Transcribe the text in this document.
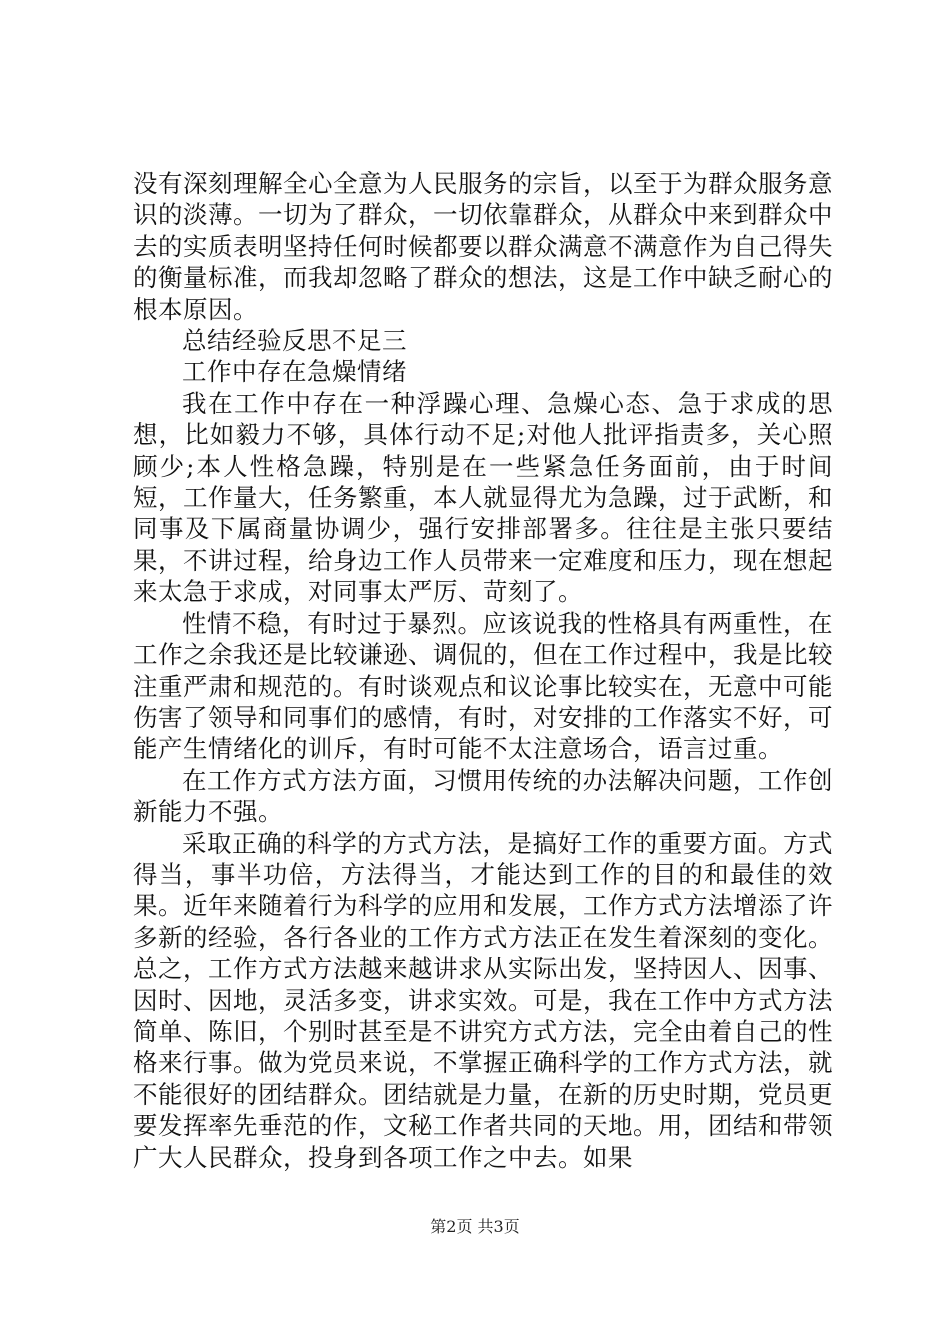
没有深刻理解全心全意为人民服务的宗旨，以至于为群众服务意识的淡薄。一切为了群众，一切依靠群众，从群众中来到群众中去的实质表明坚持任何时候都要以群众满意不满意作为自己得失的衡量标准，而我却忽略了群众的想法，这是工作中缺乏耐心的根本原因。

总结经验反思不足三

工作中存在急燥情绪

我在工作中存在一种浮躁心理、急燥心态、急于求成的思想，比如毅力不够，具体行动不足;对他人批评指责多，关心照顾少;本人性格急躁，特别是在一些紧急任务面前，由于时间短，工作量大，任务繁重，本人就显得尤为急躁，过于武断，和同事及下属商量协调少，强行安排部署多。往往是主张只要结果，不讲过程，给身边工作人员带来一定难度和压力，现在想起来太急于求成，对同事太严厉、苛刻了。

性情不稳，有时过于暴烈。应该说我的性格具有两重性，在工作之余我还是比较谦逊、调侃的，但在工作过程中，我是比较注重严肃和规范的。有时谈观点和议论事比较实在，无意中可能伤害了领导和同事们的感情，有时，对安排的工作落实不好，可能产生情绪化的训斥，有时可能不太注意场合，语言过重。

在工作方式方法方面，习惯用传统的办法解决问题，工作创新能力不强。

采取正确的科学的方式方法，是搞好工作的重要方面。方式得当，事半功倍，方法得当，才能达到工作的目的和最佳的效果。近年来随着行为科学的应用和发展，工作方式方法增添了许多新的经验，各行各业的工作方式方法正在发生着深刻的变化。总之，工作方式方法越来越讲求从实际出发，坚持因人、因事、因时、因地，灵活多变，讲求实效。可是，我在工作中方式方法简单、陈旧，个别时甚至是不讲究方式方法，完全由着自己的性格来行事。做为党员来说，不掌握正确科学的工作方式方法，就不能很好的团结群众。团结就是力量，在新的历史时期，党员更要发挥率先垂范的作，文秘工作者共同的天地。用，团结和带领广大人民群众，投身到各项工作之中去。如果

第2页 共3页
